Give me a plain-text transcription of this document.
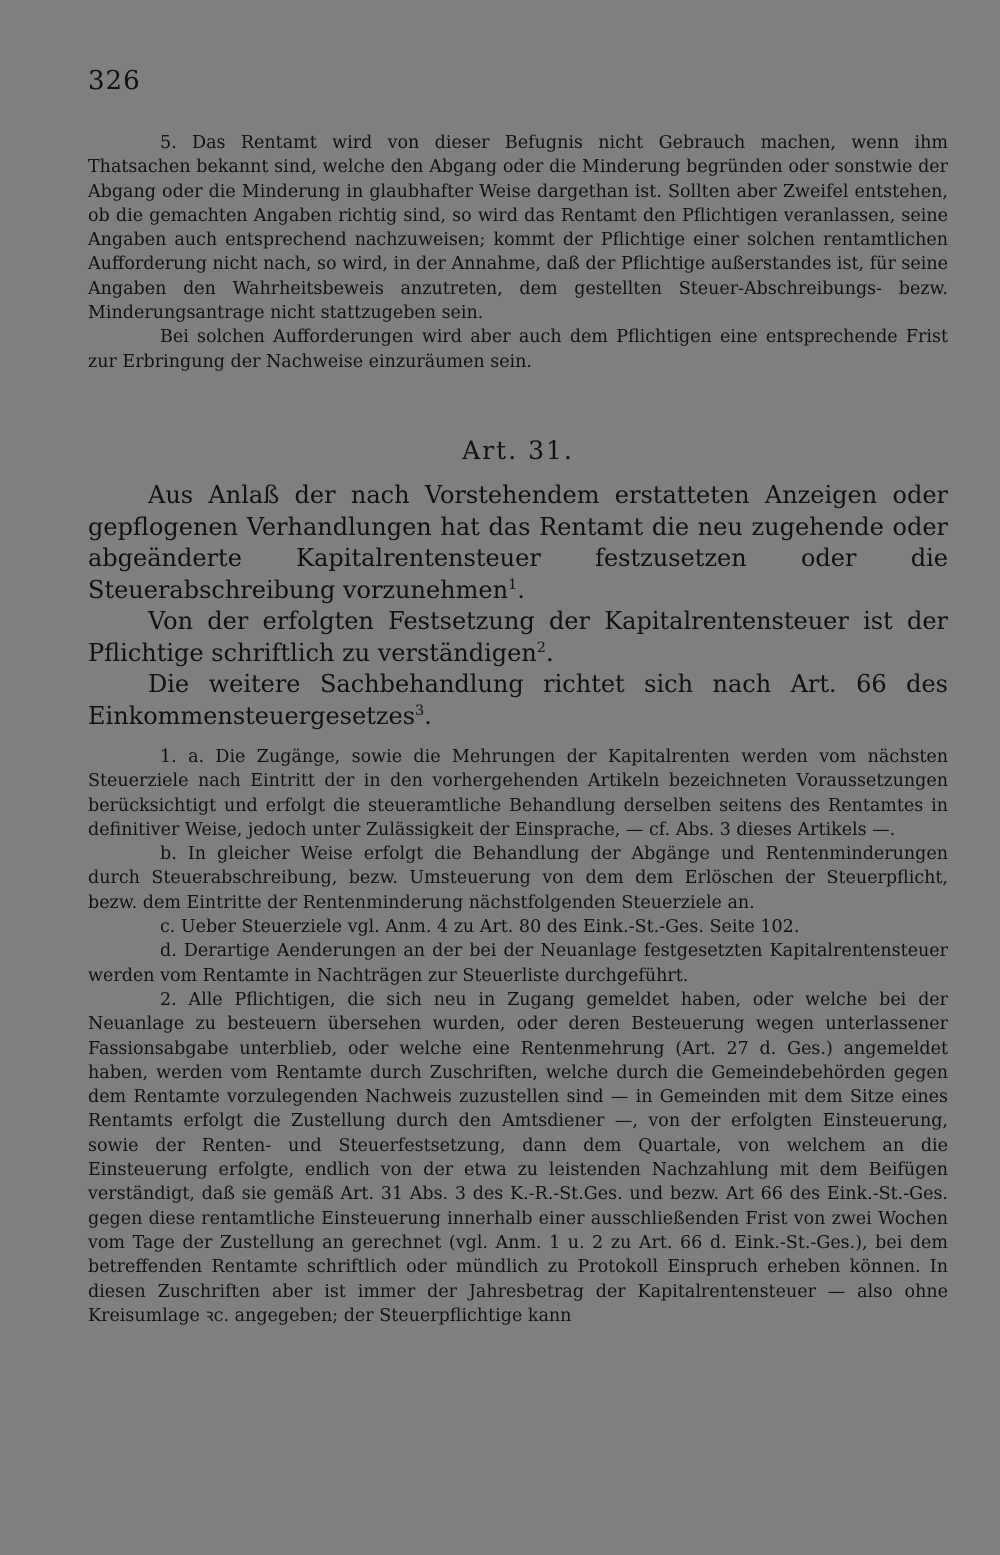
326

5. Das Rentamt wird von dieser Befugnis nicht Gebrauch machen, wenn ihm Thatsachen bekannt sind, welche den Abgang oder die Minderung begründen oder sonstwie der Abgang oder die Minderung in glaubhafter Weise dargethan ist. Sollten aber Zweifel entstehen, ob die gemachten Angaben richtig sind, so wird das Rentamt den Pflichtigen veranlassen, seine Angaben auch entsprechend nachzuweisen; kommt der Pflichtige einer solchen rentamtlichen Aufforderung nicht nach, so wird, in der Annahme, daß der Pflichtige außerstandes ist, für seine Angaben den Wahrheitsbeweis anzutreten, dem gestellten Steuer-Abschreibungs- bezw. Minderungsantrage nicht stattzugeben sein.

Bei solchen Aufforderungen wird aber auch dem Pflichtigen eine entsprechende Frist zur Erbringung der Nachweise einzuräumen sein.

Art. 31.

Aus Anlaß der nach Vorstehendem erstatteten Anzeigen oder gepflogenen Verhandlungen hat das Rentamt die neu zugehende oder abgeänderte Kapitalrentensteuer festzusetzen oder die Steuerabschreibung vorzunehmen$^1$.

Von der erfolgten Festsetzung der Kapitalrentensteuer ist der Pflichtige schriftlich zu verständigen$^2$.

Die weitere Sachbehandlung richtet sich nach Art. 66 des Einkommensteuergesetzes$^3$.

1. a. Die Zugänge, sowie die Mehrungen der Kapitalrenten werden vom nächsten Steuerziele nach Eintritt der in den vorhergehenden Artikeln bezeichneten Voraussetzungen berücksichtigt und erfolgt die steueramtliche Behandlung derselben seitens des Rentamtes in definitiver Weise, jedoch unter Zulässigkeit der Einsprache, — cf. Abs. 3 dieses Artikels —.

b. In gleicher Weise erfolgt die Behandlung der Abgänge und Rentenminderungen durch Steuerabschreibung, bezw. Umsteuerung von dem dem Erlöschen der Steuerpflicht, bezw. dem Eintritte der Rentenminderung nächstfolgenden Steuerziele an.

c. Ueber Steuerziele vgl. Anm. 4 zu Art. 80 des Eink.-St.-Ges. Seite 102.

d. Derartige Aenderungen an der bei der Neuanlage festgesetzten Kapitalrentensteuer werden vom Rentamte in Nachträgen zur Steuerliste durchgeführt.

2. Alle Pflichtigen, die sich neu in Zugang gemeldet haben, oder welche bei der Neuanlage zu besteuern übersehen wurden, oder deren Besteuerung wegen unterlassener Fassionsabgabe unterblieb, oder welche eine Rentenmehrung (Art. 27 d. Ges.) angemeldet haben, werden vom Rentamte durch Zuschriften, welche durch die Gemeindebehörden gegen dem Rentamte vorzulegenden Nachweis zuzustellen sind — in Gemeinden mit dem Sitze eines Rentamts erfolgt die Zustellung durch den Amtsdiener —, von der erfolgten Einsteuerung, sowie der Renten- und Steuerfestsetzung, dann dem Quartale, von welchem an die Einsteuerung erfolgte, endlich von der etwa zu leistenden Nachzahlung mit dem Beifügen verständigt, daß sie gemäß Art. 31 Abs. 3 des K.-R.-St.Ges. und bezw. Art 66 des Eink.-St.-Ges. gegen diese rentamtliche Einsteuerung innerhalb einer ausschließenden Frist von zwei Wochen vom Tage der Zustellung an gerechnet (vgl. Anm. 1 u. 2 zu Art. 66 d. Eink.-St.-Ges.), bei dem betreffenden Rentamte schriftlich oder mündlich zu Protokoll Einspruch erheben können. In diesen Zuschriften aber ist immer der Jahresbetrag der Kapitalrentensteuer — also ohne Kreisumlage ꝛc. angegeben; der Steuerpflichtige kann
